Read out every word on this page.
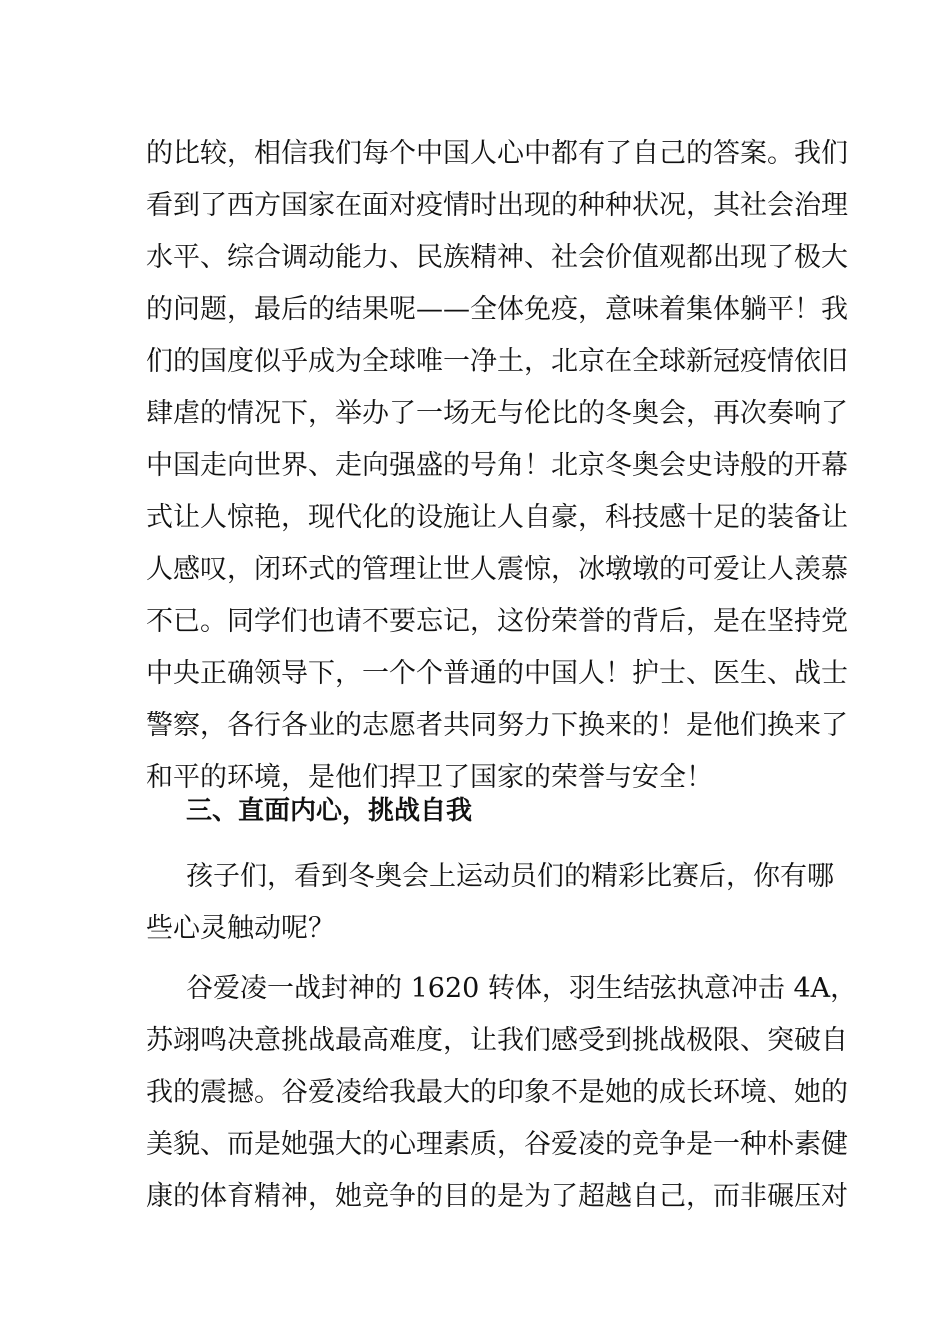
的比较，相信我们每个中国人心中都有了自己的答案。我们
看到了西方国家在面对疫情时出现的种种状况，其社会治理
水平、综合调动能力、民族精神、社会价值观都出现了极大
的问题，最后的结果呢——全体免疫，意味着集体躺平！我
们的国度似乎成为全球唯一净土，北京在全球新冠疫情依旧
肆虐的情况下，举办了一场无与伦比的冬奥会，再次奏响了
中国走向世界、走向强盛的号角！北京冬奥会史诗般的开幕
式让人惊艳，现代化的设施让人自豪，科技感十足的装备让
人感叹，闭环式的管理让世人震惊，冰墩墩的可爱让人羡慕
不已。同学们也请不要忘记，这份荣誉的背后，是在坚持党
中央正确领导下，一个个普通的中国人！护士、医生、战士
警察，各行各业的志愿者共同努力下换来的！是他们换来了
和平的环境，是他们捍卫了国家的荣誉与安全！
三、直面内心，挑战自我
孩子们，看到冬奥会上运动员们的精彩比赛后，你有哪
些心灵触动呢？
谷爱凌一战封神的 1620 转体，羽生结弦执意冲击 4A，
苏翊鸣决意挑战最高难度，让我们感受到挑战极限、突破自
我的震撼。谷爱凌给我最大的印象不是她的成长环境、她的
美貌、而是她强大的心理素质，谷爱凌的竞争是一种朴素健
康的体育精神，她竞争的目的是为了超越自己，而非碾压对
